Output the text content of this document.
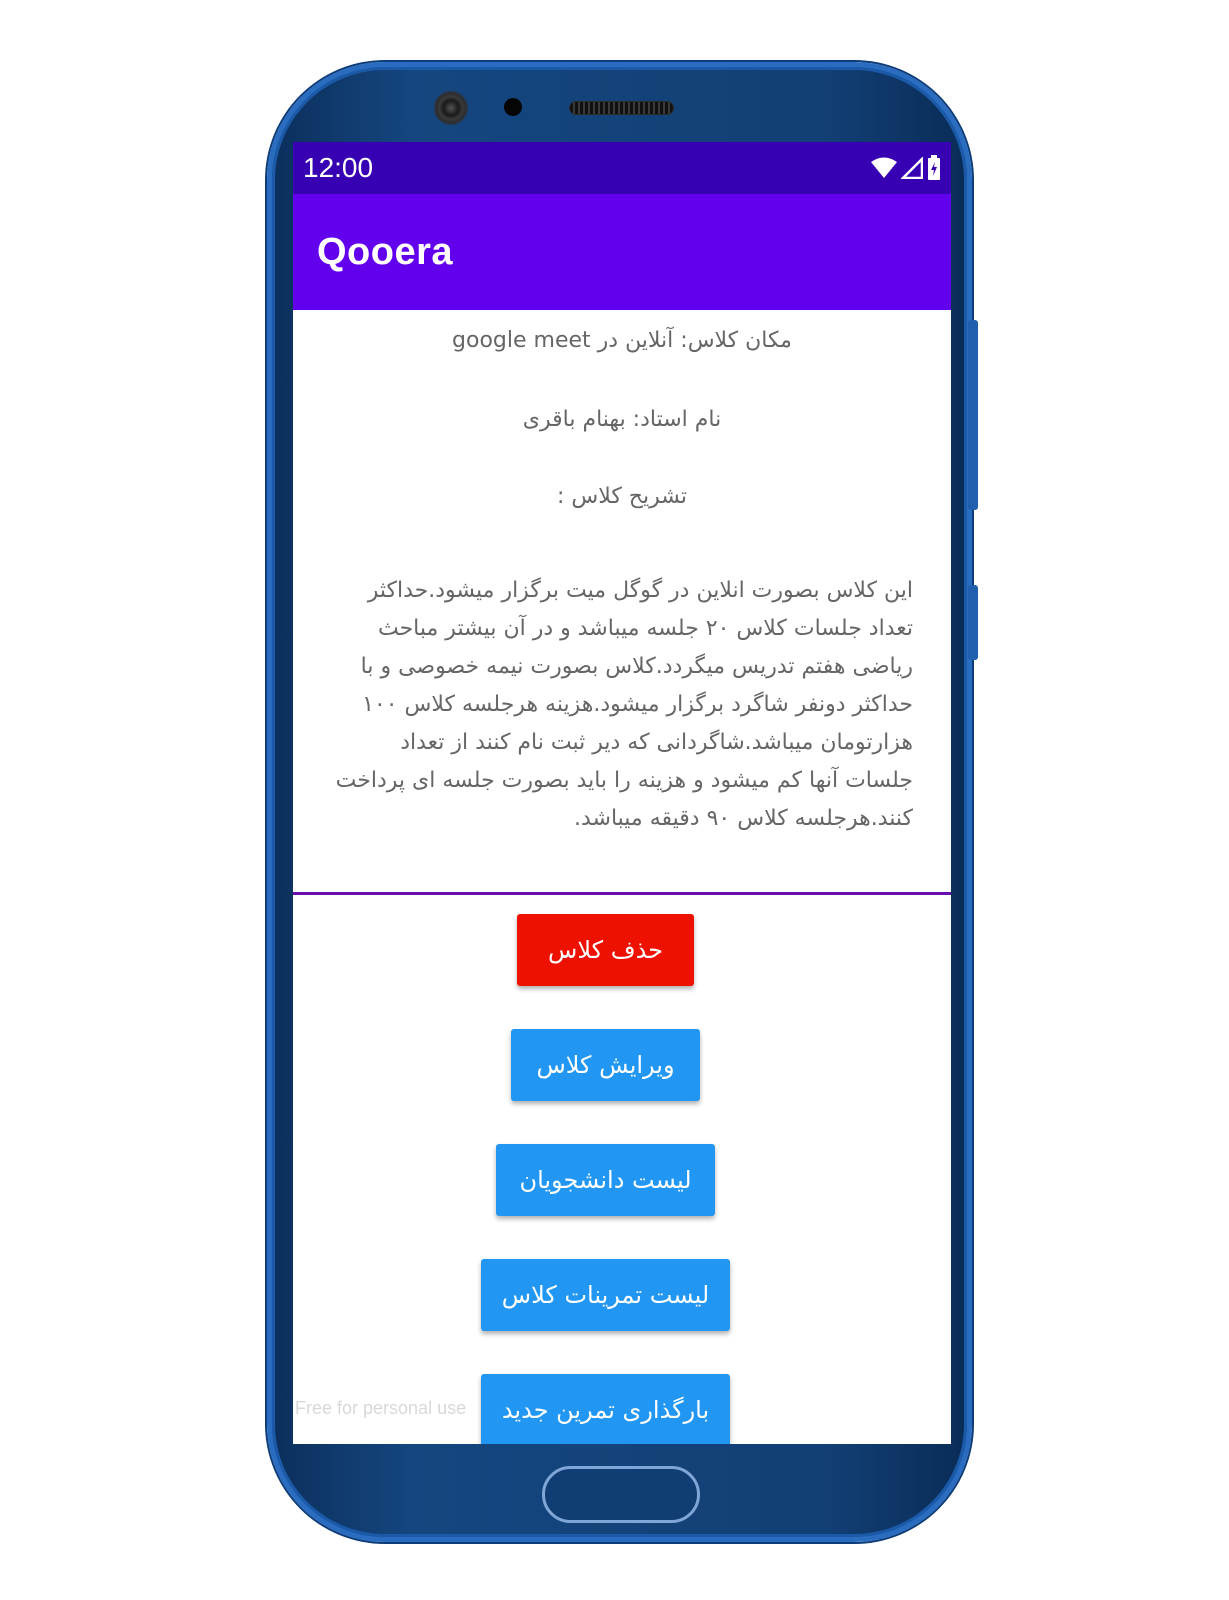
12:00
Qooera

مکان کلاس: آنلاین در google meet

نام استاد: بهنام باقری

تشریح کلاس :

این کلاس بصورت انلاین در گوگل میت برگزار میشود.حداکثر تعداد جلسات کلاس ۲۰ جلسه میباشد و در آن بیشتر مباحث ریاضی هفتم تدریس میگردد.کلاس بصورت نیمه خصوصی و با حداکثر دونفر شاگرد برگزار میشود.هزینه هرجلسه کلاس ۱۰۰ هزارتومان میباشد.شاگردانی که دیر ثبت نام کنند از تعداد جلسات آنها کم میشود و هزینه را باید بصورت جلسه ای پرداخت کنند.هرجلسه کلاس ۹۰ دقیقه میباشد.

حذف کلاس
ویرایش کلاس
لیست دانشجویان
لیست تمرینات کلاس
بارگذاری تمرین جدید
Free for personal use
